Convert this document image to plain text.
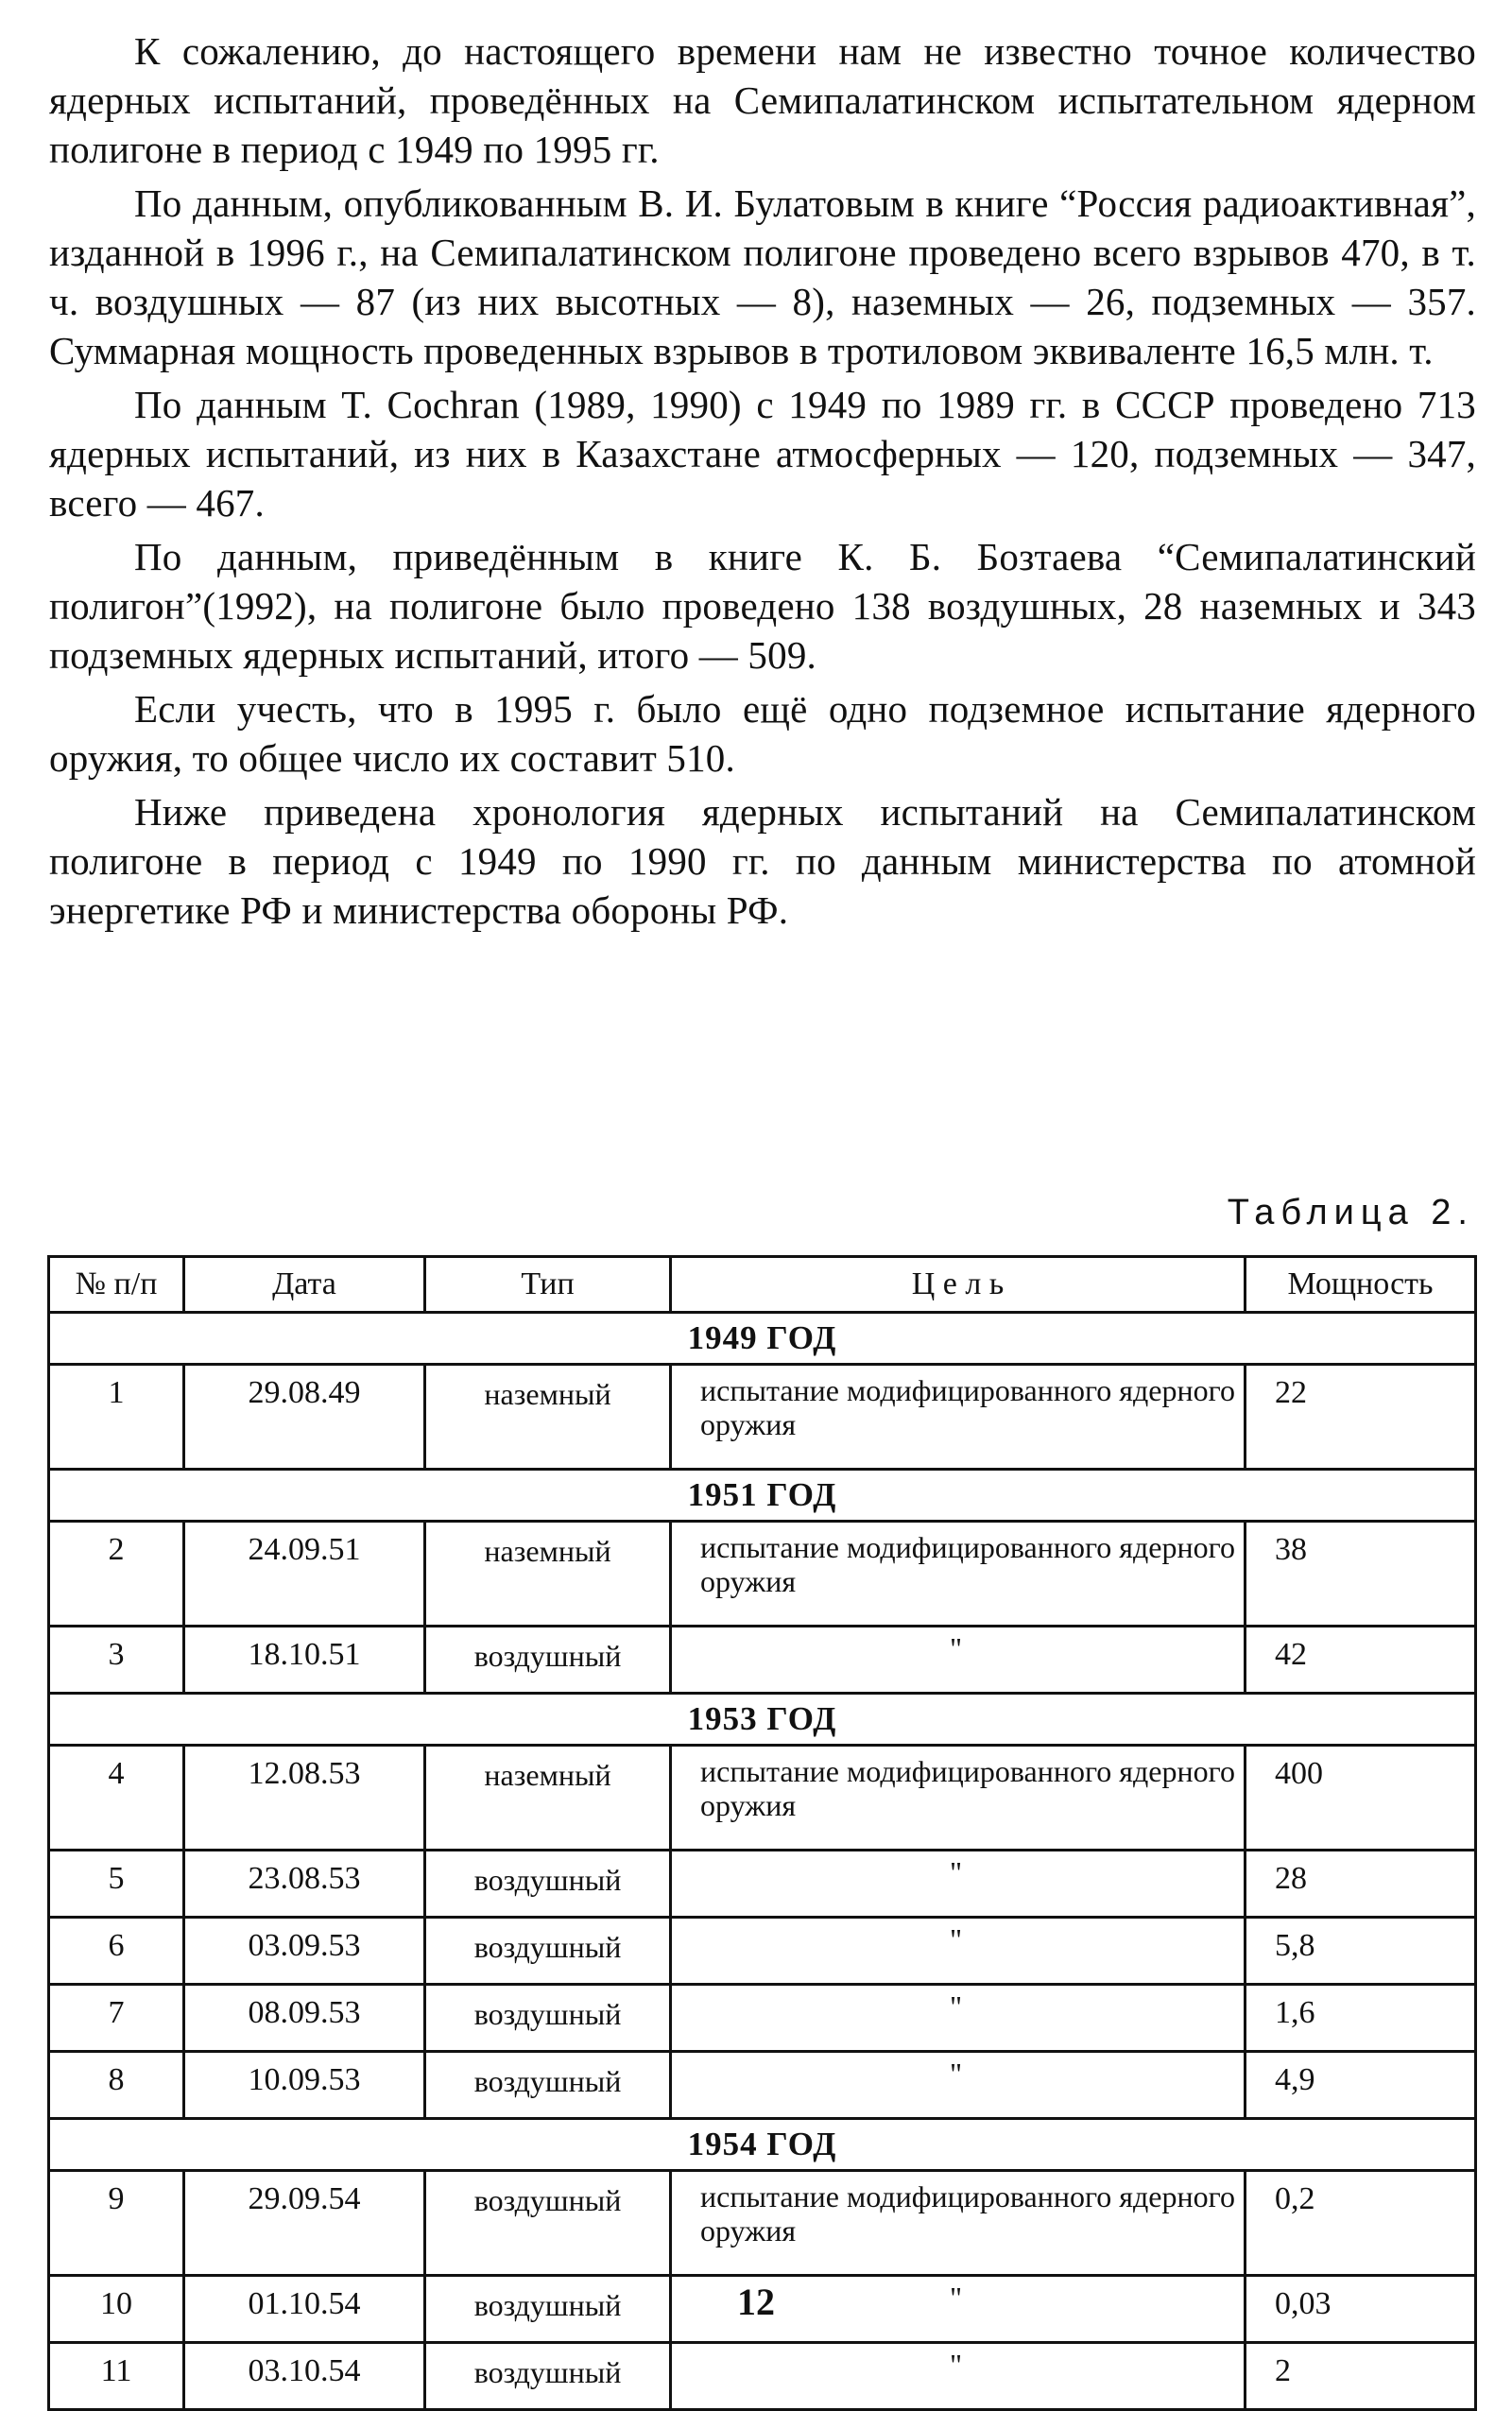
К сожалению, до настоящего времени нам не известно точное количество ядерных испытаний, проведённых на Семипалатинском испытательном ядерном полигоне в период с 1949 по 1995 гг.

По данным, опубликованным В. И. Булатовым в книге “Россия радиоактивная”, изданной в 1996 г., на Семипалатинском полигоне проведено всего взрывов 470, в т. ч. воздушных — 87 (из них высотных — 8), наземных — 26, подземных — 357. Суммарная мощность проведенных взрывов в тротиловом эквиваленте 16,5 млн. т.

По данным T. Cochran (1989, 1990) с 1949 по 1989 гг. в СССР проведено 713 ядерных испытаний, из них в Казахстане атмосферных — 120, подземных — 347, всего — 467.

По данным, приведённым в книге К. Б. Бозтаева “Семипалатинский полигон”(1992), на полигоне было проведено 138 воздушных, 28 наземных и 343 подземных ядерных испытаний, итого — 509.

Если учесть, что в 1995 г. было ещё одно подземное испытание ядерного оружия, то общее число их составит 510.

Ниже приведена хронология ядерных испытаний на Семипалатинском полигоне в период с 1949 по 1990 гг. по данным министерства по атомной энергетике РФ и министерства обороны РФ.

Таблица 2.
№ п/п	Дата	Тип	Ц е л ь	Мощность
1949 ГОД				
1	29.08.49	наземный	испытание модифицированного ядерного оружия	22
1951 ГОД				
2	24.09.51	наземный	испытание модифицированного ядерного оружия	38
3	18.10.51	воздушный	"	42
1953 ГОД				
4	12.08.53	наземный	испытание модифицированного ядерного оружия	400
5	23.08.53	воздушный	"	28
6	03.09.53	воздушный	"	5,8
7	08.09.53	воздушный	"	1,6
8	10.09.53	воздушный	"	4,9
1954 ГОД				
9	29.09.54	воздушный	испытание модифицированного ядерного оружия	0,2
10	01.10.54	воздушный	"	0,03
11	03.10.54	воздушный	"	2
12
